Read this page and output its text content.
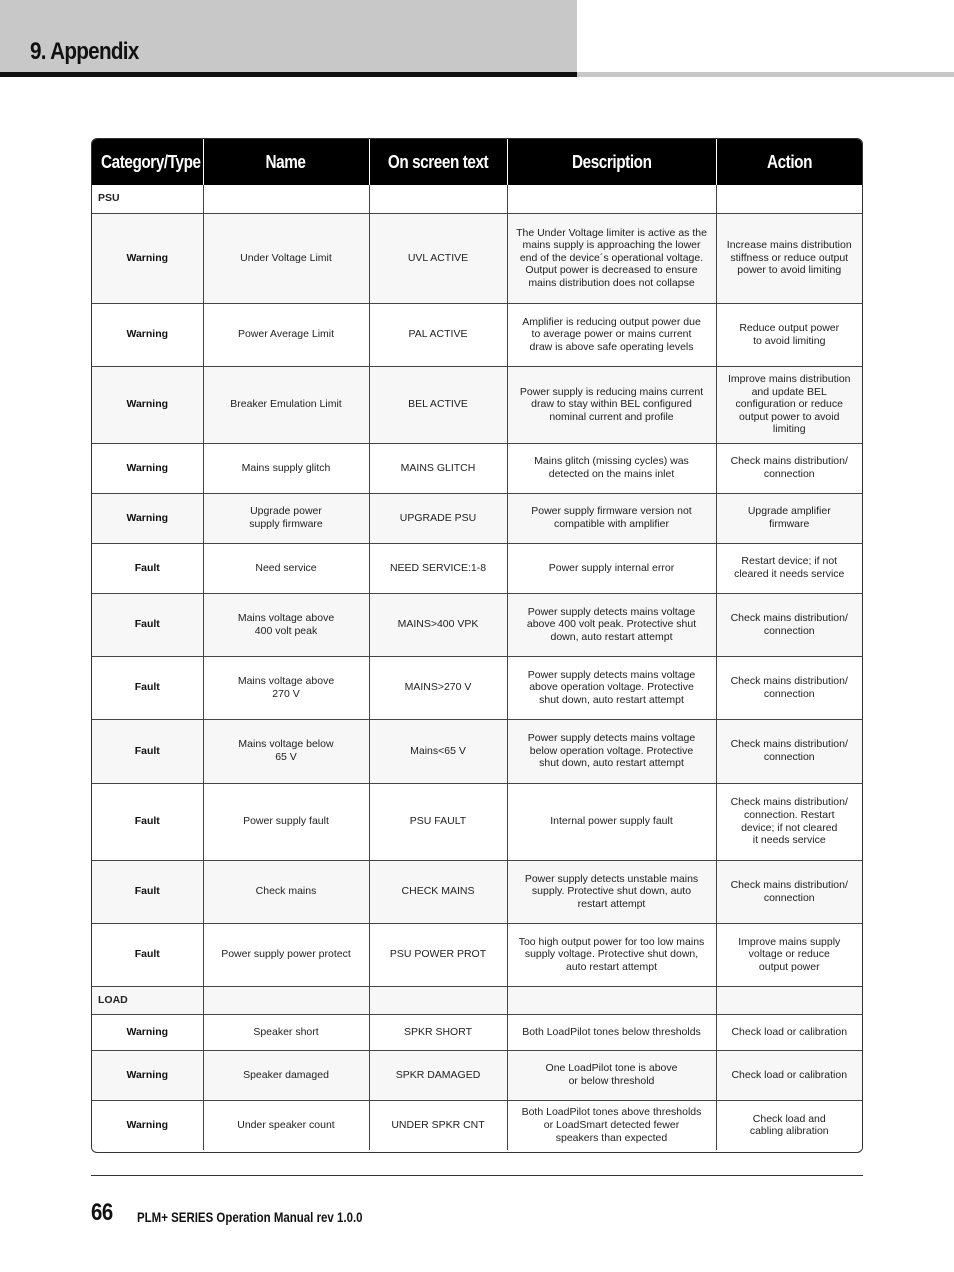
9. Appendix
Category/Type	Name	On screen text	Description	Action
PSU				
Warning	Under Voltage Limit	UVL ACTIVE	The Under Voltage limiter is active as the
mains supply is approaching the lower
end of the device´s operational voltage.
Output power is decreased to ensure
mains distribution does not collapse	Increase mains distribution
stiffness or reduce output
power to avoid limiting
Warning	Power Average Limit	PAL ACTIVE	Amplifier is reducing output power due
to average power or mains current
draw is above safe operating levels	Reduce output power
to avoid limiting
Warning	Breaker Emulation Limit	BEL ACTIVE	Power supply is reducing mains current
draw to stay within BEL configured
nominal current and profile	Improve mains distribution
and update BEL
configuration or reduce
output power to avoid
limiting
Warning	Mains supply glitch	MAINS GLITCH	Mains glitch (missing cycles) was
detected on the mains inlet	Check mains distribution/
connection
Warning	Upgrade power
supply firmware	UPGRADE PSU	Power supply firmware version not
compatible with amplifier	Upgrade amplifier
firmware
Fault	Need service	NEED SERVICE:1-8	Power supply internal error	Restart device; if not
cleared it needs service
Fault	Mains voltage above
400 volt peak	MAINS>400 VPK	Power supply detects mains voltage
above 400 volt peak. Protective shut
down, auto restart attempt	Check mains distribution/
connection
Fault	Mains voltage above
270 V	MAINS>270 V	Power supply detects mains voltage
above operation voltage. Protective
shut down, auto restart attempt	Check mains distribution/
connection
Fault	Mains voltage below
65 V	Mains<65 V	Power supply detects mains voltage
below operation voltage. Protective
shut down, auto restart attempt	Check mains distribution/
connection
Fault	Power supply fault	PSU FAULT	Internal power supply fault	Check mains distribution/
connection. Restart
device; if not cleared
it needs service
Fault	Check mains	CHECK MAINS	Power supply detects unstable mains
supply. Protective shut down, auto
restart attempt	Check mains distribution/
connection
Fault	Power supply power protect	PSU POWER PROT	Too high output power for too low mains
supply voltage. Protective shut down,
auto restart attempt	Improve mains supply
voltage or reduce
output power
LOAD				
Warning	Speaker short	SPKR SHORT	Both LoadPilot tones below thresholds	Check load or calibration
Warning	Speaker damaged	SPKR DAMAGED	One LoadPilot tone is above
or below threshold	Check load or calibration
Warning	Under speaker count	UNDER SPKR CNT	Both LoadPilot tones above thresholds
or LoadSmart detected fewer
speakers than expected	Check load and
cabling alibration
66 PLM+ SERIES Operation Manual rev 1.0.0
